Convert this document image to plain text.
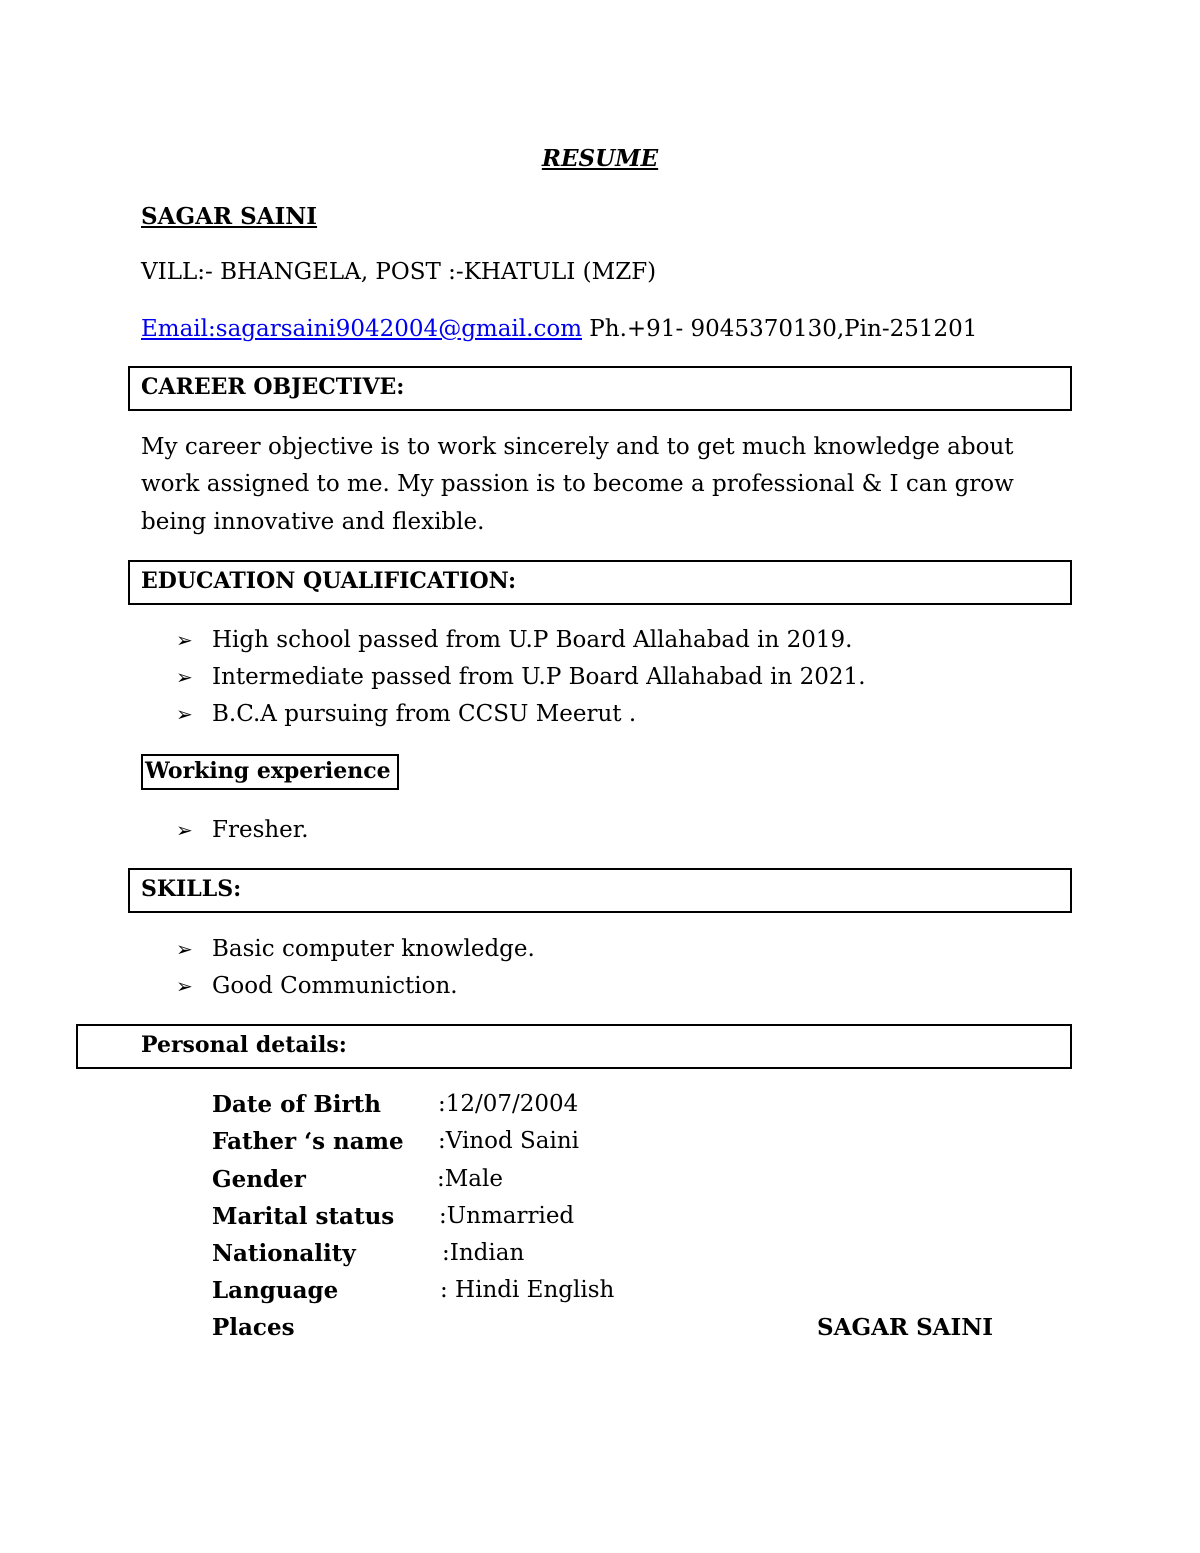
RESUME
SAGAR SAINI
VILL:- BHANGELA, POST :-KHATULI (MZF)
Email:sagarsaini9042004@gmail.com Ph.+91- 9045370130,Pin-251201
CAREER OBJECTIVE:
My career objective is to work sincerely and to get much knowledge about
work assigned to me. My passion is to become a professional & I can grow
being innovative and flexible.
EDUCATION QUALIFICATION:
➢ High school passed from U.P Board Allahabad in 2019.
➢ Intermediate passed from U.P Board Allahabad in 2021.
➢ B.C.A pursuing from CCSU Meerut .
Working experience
➢ Fresher.
SKILLS:
➢ Basic computer knowledge.
➢ Good Communiction.
Personal details:
Date of Birth :12/07/2004
Father ‘s name :Vinod Saini
Gender	:Male
Marital status :Unmarried
Nationality	:Indian
Language	: Hindi English
Places	SAGAR SAINI
